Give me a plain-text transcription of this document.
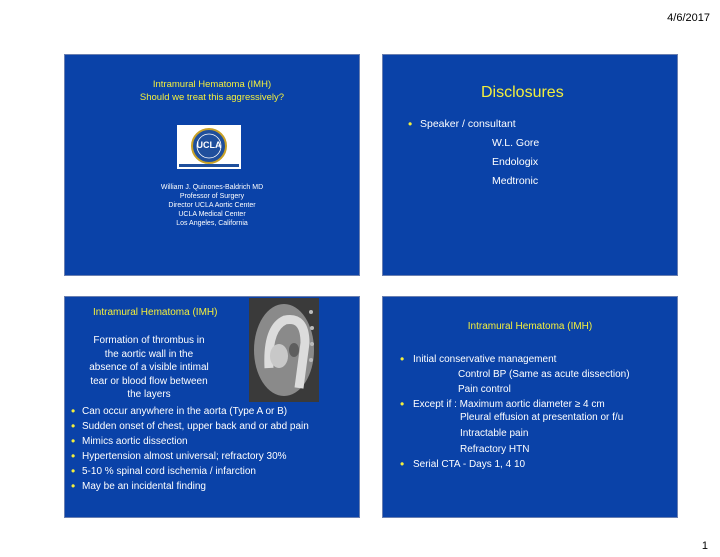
4/6/2017
Intramural Hematoma (IMH)
Should we treat this aggressively?
UCLA
William J. Quinones-Baldrich MD
Professor of Surgery
Director UCLA Aortic Center
UCLA Medical Center
Los Angeles, California
Disclosures
• Speaker / consultant
W.L. Gore
Endologix
Medtronic
Intramural Hematoma (IMH)
Formation of thrombus in
the aortic wall in the
absence of a visible intimal
tear or blood flow between
the layers
• Can occur anywhere in the aorta (Type A or B)
• Sudden onset of chest, upper back and or abd pain
• Mimics aortic dissection
• Hypertension almost universal; refractory 30%
• 5-10 % spinal cord ischemia / infarction
• May be an incidental finding
Intramural Hematoma (IMH)
• Initial conservative management
Control BP (Same as acute dissection)
Pain control
• Except if : Maximum aortic diameter ≥ 4 cm
Pleural effusion at presentation or f/u
Intractable pain
Refractory HTN
• Serial CTA - Days 1, 4 10
1
